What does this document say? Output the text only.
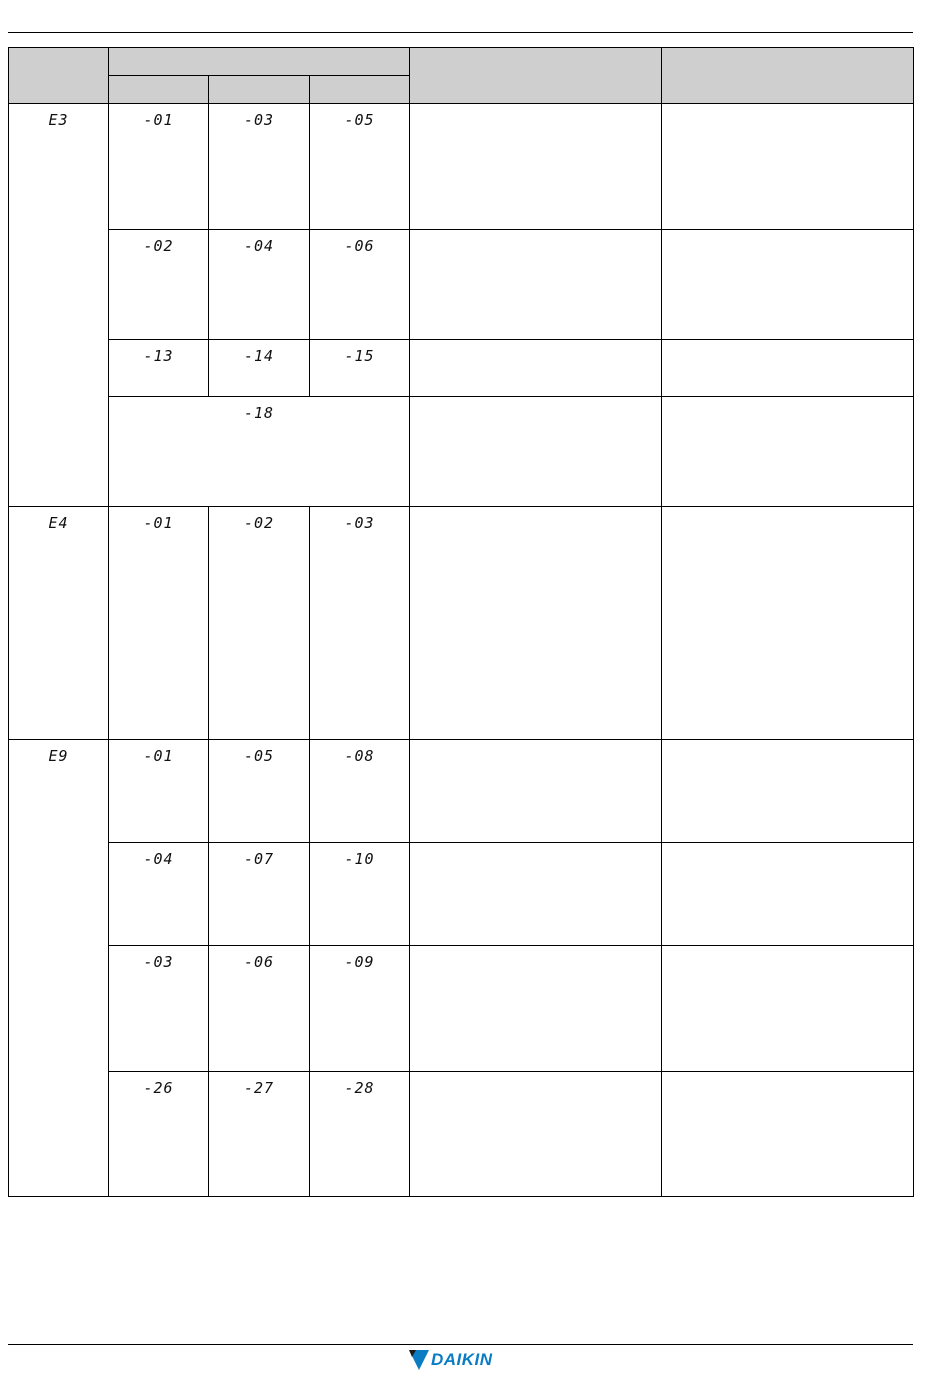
E3	-01	-03	-05		

	-02	-04	-06		

	-13	-14	-15		

	-18				

E4	-01	-02	-03		

E9	-01	-05	-08		

	-04	-07	-10		

	-03	-06	-09		

	-26	-27	-28		

DAIKIN
